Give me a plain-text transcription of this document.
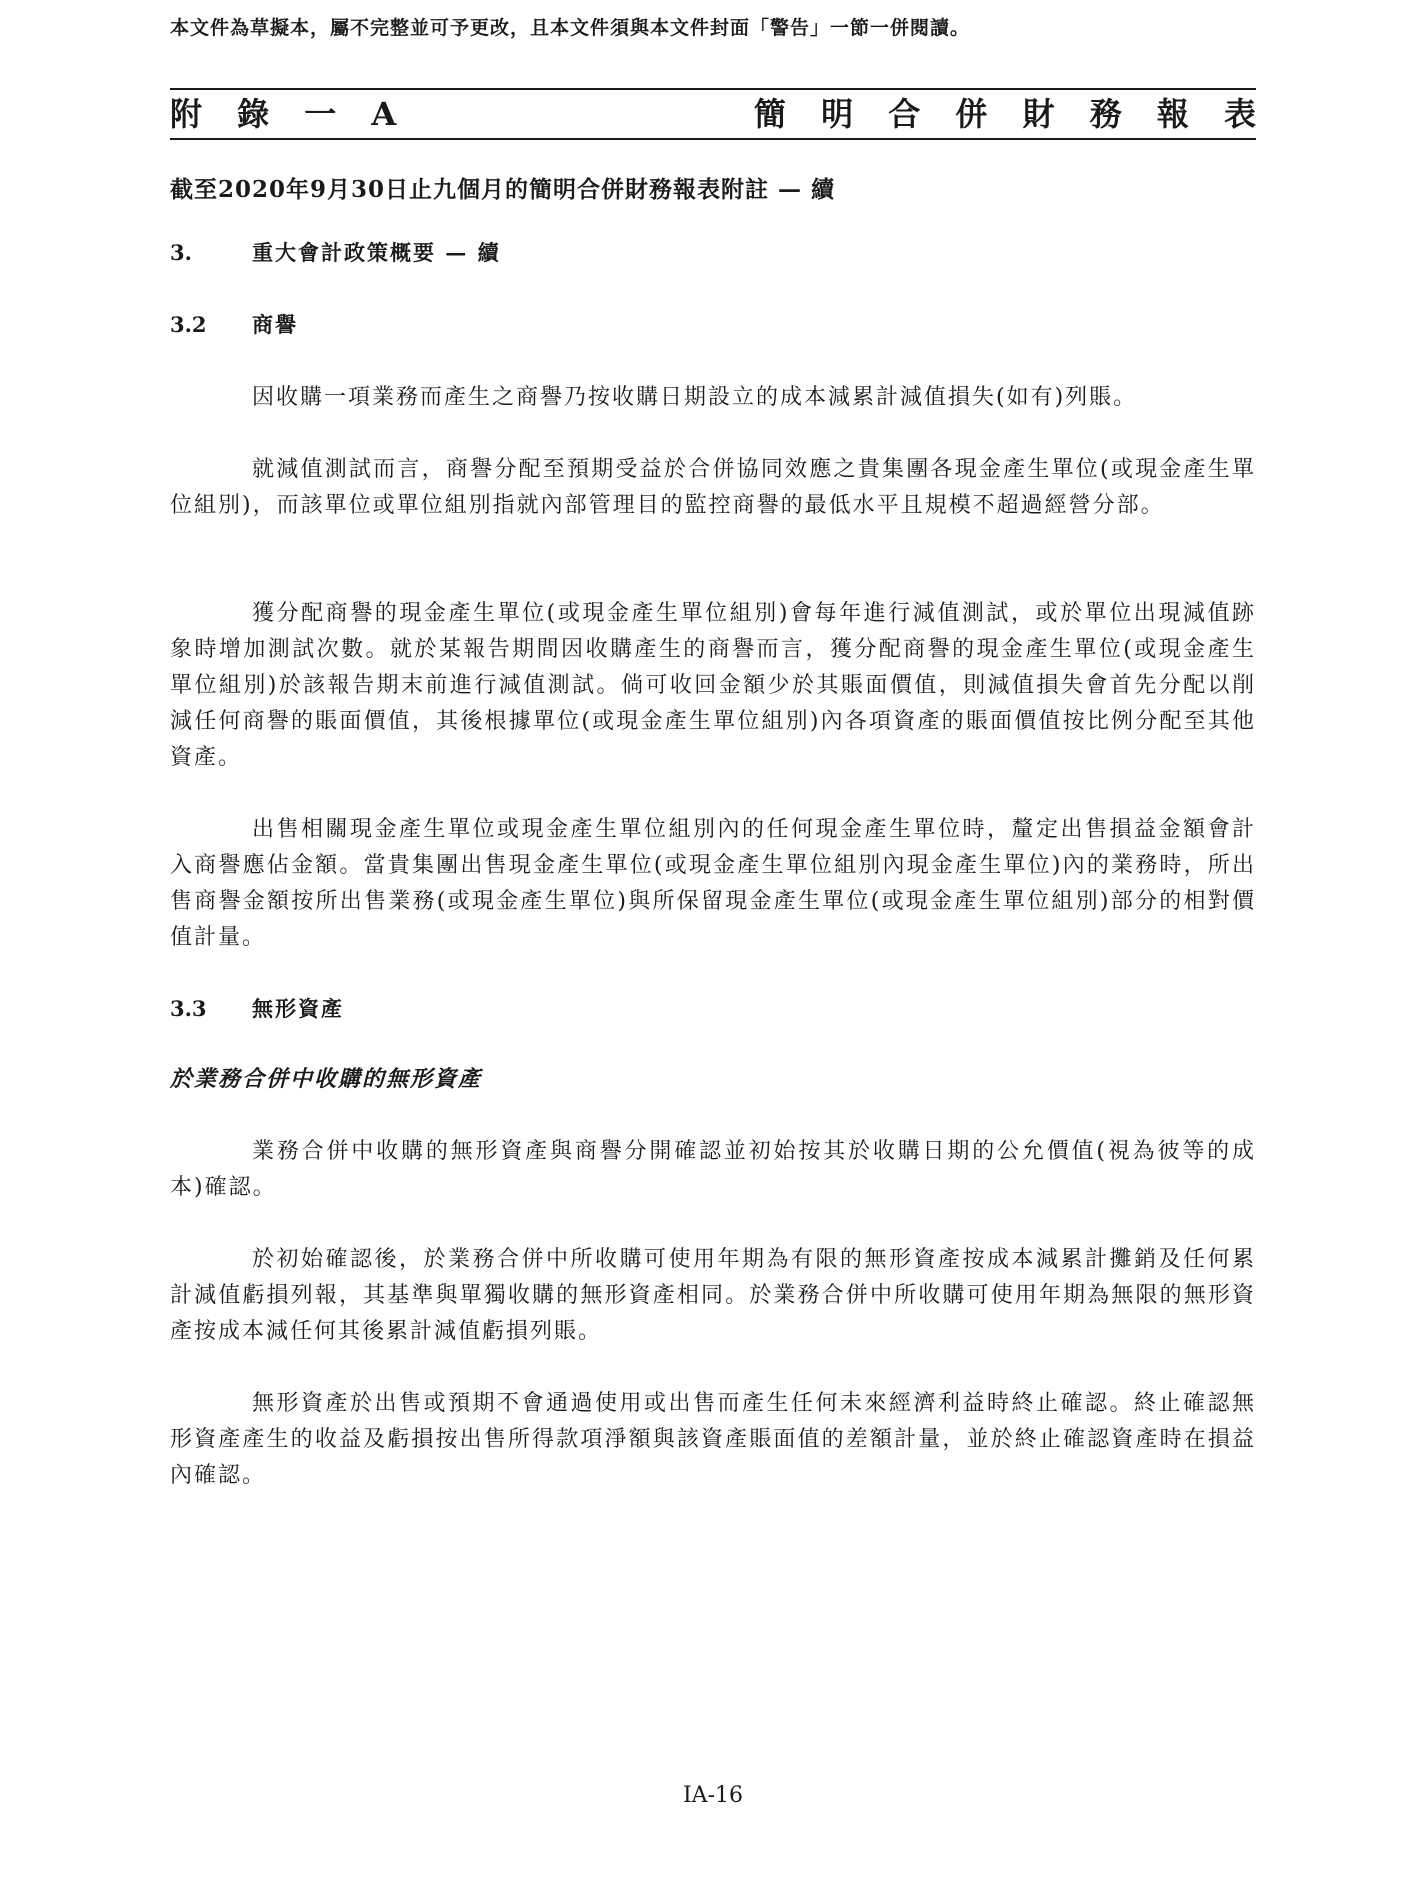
本文件為草擬本，屬不完整並可予更改，且本文件須與本文件封面「警告」一節一併閱讀。
附 錄 一 A	簡 明 合 併 財 務 報 表
截至2020年9月30日止九個月的簡明合併財務報表附註 — 續
3.	重大會計政策概要 — 續
3.2 商譽

因收購一項業務而產生之商譽乃按收購日期設立的成本減累計減值損失(如有)列賬。

就減值測試而言，商譽分配至預期受益於合併協同效應之貴集團各現金產生單位(或現金產生單位組別)，而該單位或單位組別指就內部管理目的監控商譽的最低水平且規模不超過經營分部。

獲分配商譽的現金產生單位(或現金產生單位組別)會每年進行減值測試，或於單位出現減值跡象時增加測試次數。就於某報告期間因收購產生的商譽而言，獲分配商譽的現金產生單位(或現金產生單位組別)於該報告期末前進行減值測試。倘可收回金額少於其賬面價值，則減值損失會首先分配以削減任何商譽的賬面價值，其後根據單位(或現金產生單位組別)內各項資產的賬面價值按比例分配至其他資產。

出售相關現金產生單位或現金產生單位組別內的任何現金產生單位時，釐定出售損益金額會計入商譽應佔金額。當貴集團出售現金產生單位(或現金產生單位組別內現金產生單位)內的業務時，所出售商譽金額按所出售業務(或現金產生單位)與所保留現金產生單位(或現金產生單位組別)部分的相對價值計量。

3.3 無形資產
於業務合併中收購的無形資產

業務合併中收購的無形資產與商譽分開確認並初始按其於收購日期的公允價值(視為彼等的成本)確認。

於初始確認後，於業務合併中所收購可使用年期為有限的無形資產按成本減累計攤銷及任何累計減值虧損列報，其基準與單獨收購的無形資產相同。於業務合併中所收購可使用年期為無限的無形資產按成本減任何其後累計減值虧損列賬。

無形資產於出售或預期不會通過使用或出售而產生任何未來經濟利益時終止確認。終止確認無形資產產生的收益及虧損按出售所得款項淨額與該資產賬面值的差額計量，並於終止確認資產時在損益內確認。

IA-16
